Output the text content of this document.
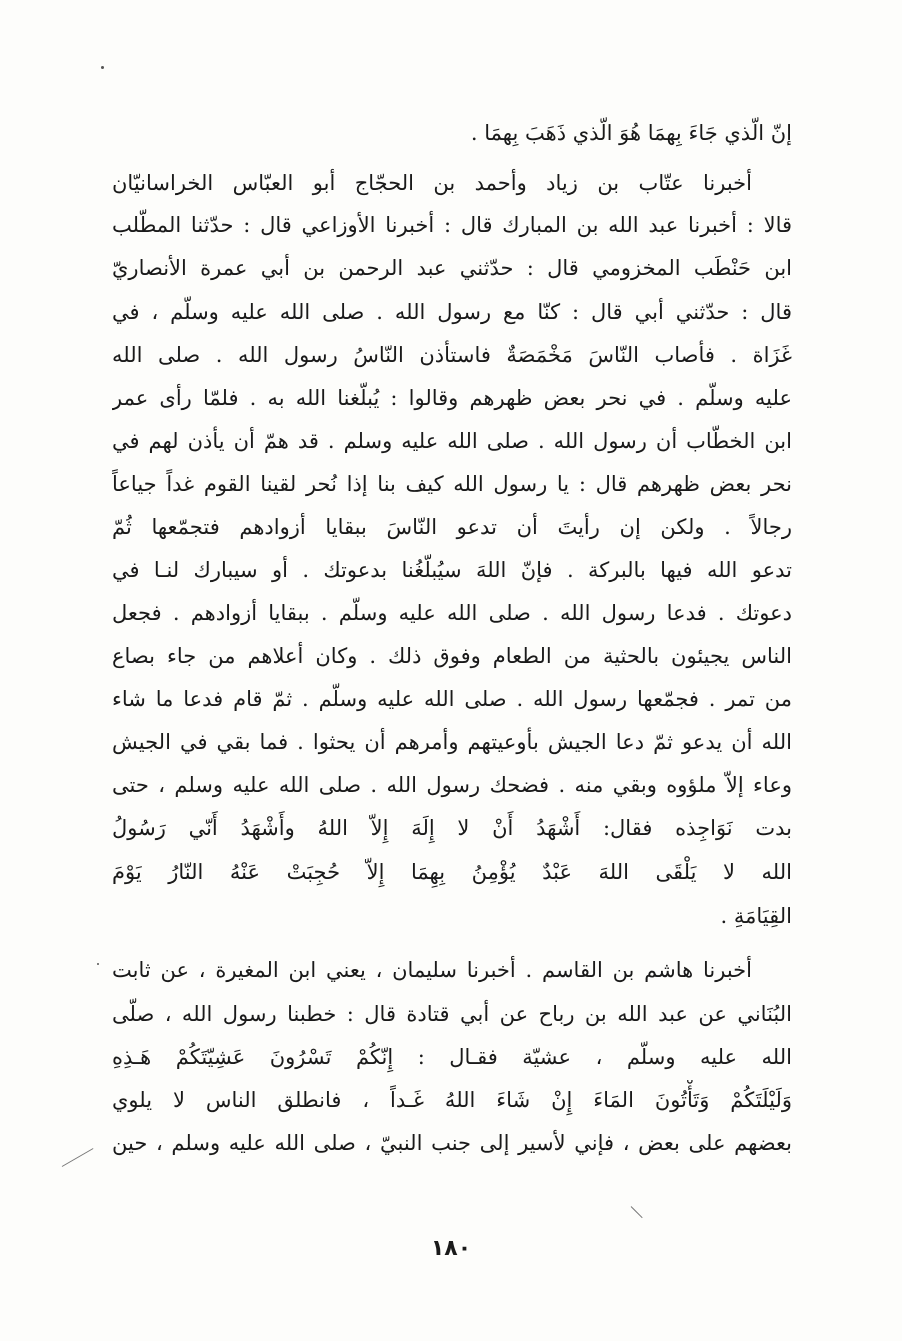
إنّ الّذي جَاءَ بِهمَا هُوَ الّذي ذَهَبَ بِهمَا .
أخبرنا عتّاب بن زياد وأحمد بن الحجّاج أبو العبّاس الخراسانيّان
قالا : أخبرنا عبد الله بن المبارك قال : أخبرنا الأوزاعي قال : حدّثنا المطّلب
ابن حَنْطَب المخزومي قال : حدّثني عبد الرحمن بن أبي عمرة الأنصاريّ
قال : حدّثني أبي قال : كنّا مع رسول الله . صلى الله عليه وسلّم ، في
غَزَاة . فأصاب النّاسَ مَخْمَصَةٌ فاستأذن النّاسُ رسول الله . صلى الله
عليه وسلّم . في نحر بعض ظهرهم وقالوا : يُبلّغنا الله به . فلمّا رأى عمر
ابن الخطّاب أن رسول الله . صلى الله عليه وسلم . قد همّ أن يأذن لهم في
نحر بعض ظهرهم قال : يا رسول الله كيف بنا إذا نُحر لقينا القوم غداً جياعاً
رجالاً . ولكن إن رأيتَ أن تدعو النّاسَ ببقايا أزوادهم فتجمّعها ثُمّ
تدعو الله فيها بالبركة . فإنّ اللهَ سيُبلّغُنا بدعوتك . أو سيبارك لنـا في
دعوتك . فدعا رسول الله . صلى الله عليه وسلّم . ببقايا أزوادهم . فجعل
الناس يجيئون بالحثية من الطعام وفوق ذلك . وكان أعلاهم من جاء بصاع
من تمر . فجمّعها رسول الله . صلى الله عليه وسلّم . ثمّ قام فدعا ما شاء
الله أن يدعو ثمّ دعا الجيش بأوعيتهم وأمرهم أن يحثوا . فما بقي في الجيش
وعاء إلاّ ملؤوه وبقي منه . فضحك رسول الله . صلى الله عليه وسلم ، حتى
بدت نَوَاجِذه فقال: أَشْهَدُ أَنْ لا إِلَهَ إِلاّ اللهُ وأَشْهَدُ أَنّي رَسُولُ
الله لا يَلْقَى اللهَ عَبْدٌ يُؤْمِنُ بِهِمَا إِلاّ حُجِبَتْ عَنْهُ النّارُ يَوْمَ
القِيَامَةِ .
أخبرنا هاشم بن القاسم . أخبرنا سليمان ، يعني ابن المغيرة ، عن ثابت
البُنَاني عن عبد الله بن رباح عن أبي قتادة قال : خطبنا رسول الله ، صلّى
الله عليه وسلّم ، عشيّة فقـال : إِنّكُمْ تَسْرُونَ عَشِيّتَكُمْ هَـذِهِ
وَلَيْلَتَكُمْ وَتَأْتُونَ المَاءَ إِنْ شَاءَ اللهُ غَـداً ، فانطلق الناس لا يلوي
بعضهم على بعض ، فإني لأسير إلى جنب النبيّ ، صلى الله عليه وسلم ، حين
١٨٠
